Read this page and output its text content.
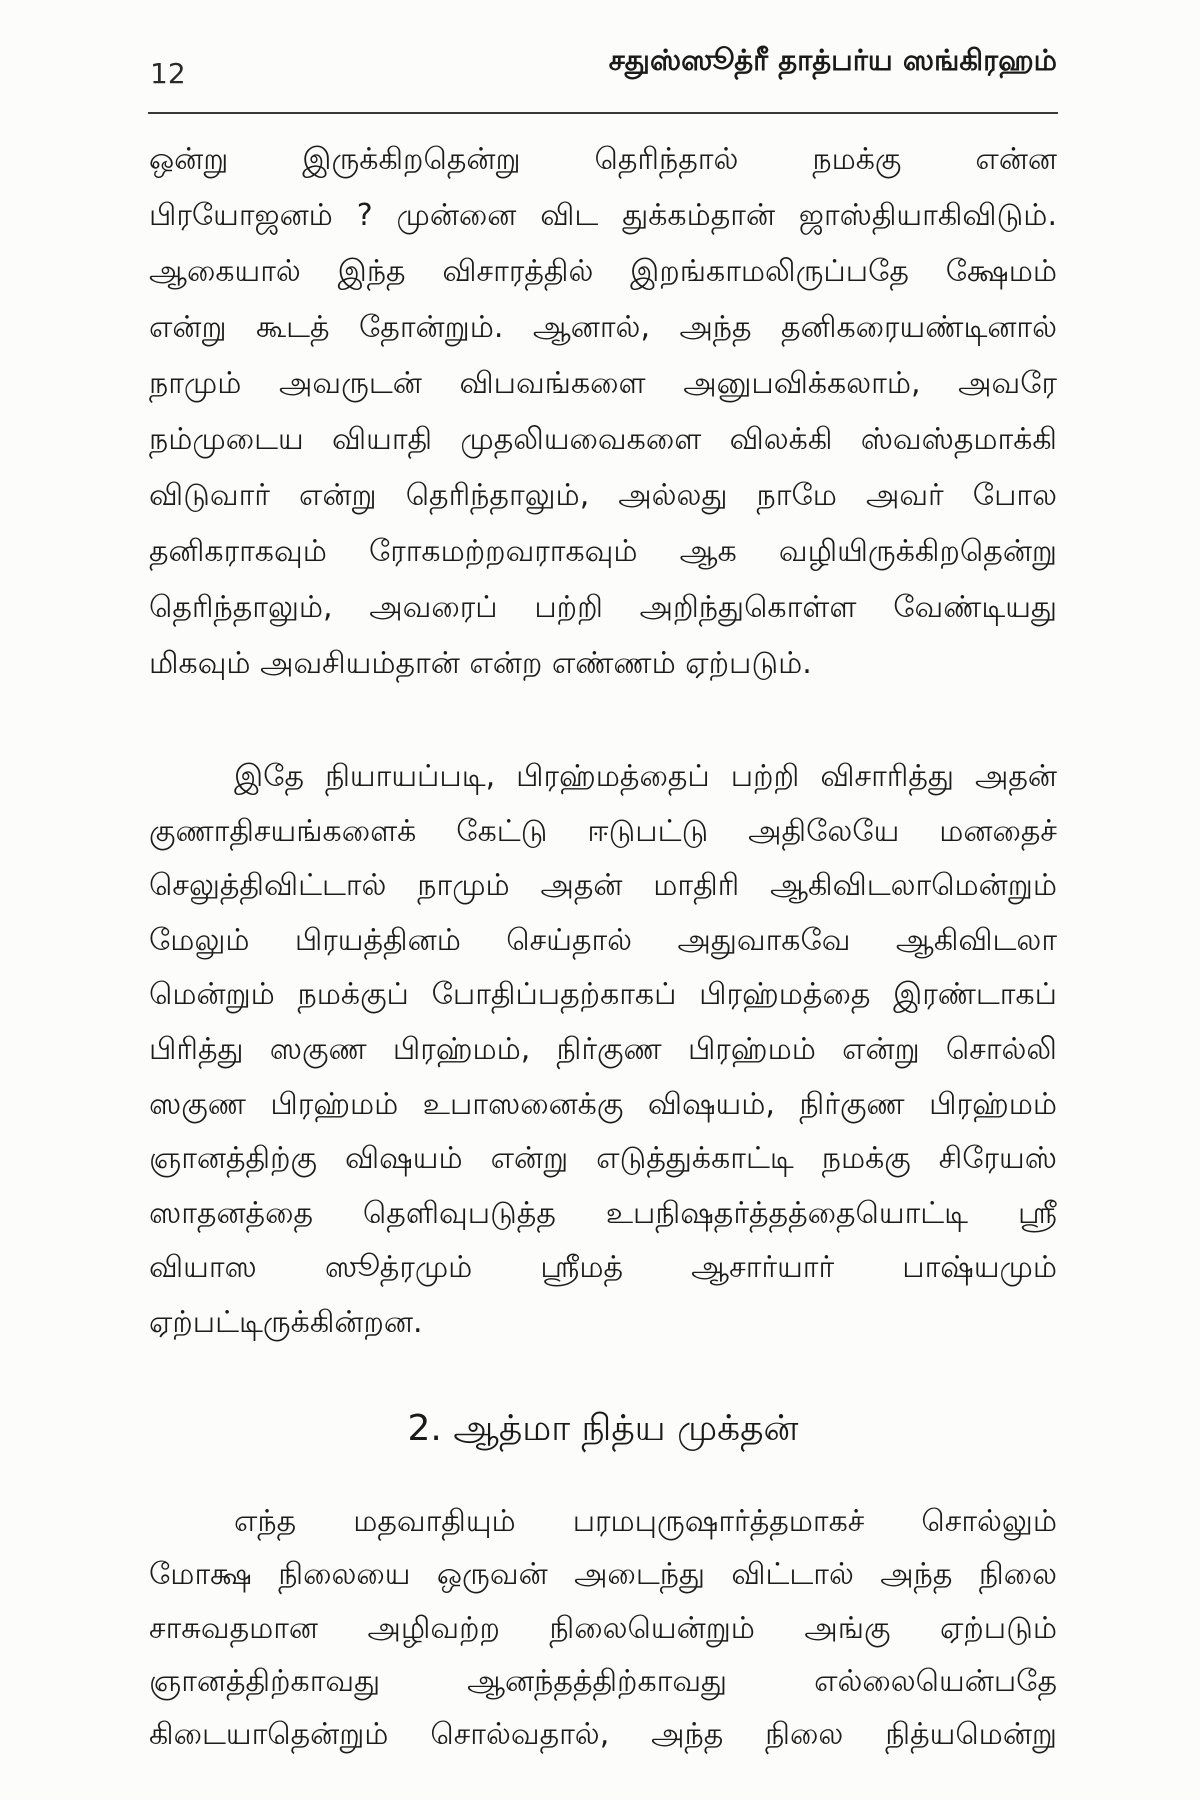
12	சதுஸ்ஸூத்ரீ தாத்பர்ய ஸங்கிரஹம்
ஒன்று இருக்கிறதென்று தெரிந்தால் நமக்கு என்ன
பிரயோஜனம் ? முன்னை விட துக்கம்தான் ஜாஸ்தியாகிவிடும்.
ஆகையால் இந்த விசாரத்தில் இறங்காமலிருப்பதே க்ஷேமம்
என்று கூடத் தோன்றும். ஆனால், அந்த தனிகரையண்டினால்
நாமும் அவருடன் விபவங்களை அனுபவிக்கலாம், அவரே
நம்முடைய வியாதி முதலியவைகளை விலக்கி ஸ்வஸ்தமாக்கி
விடுவார் என்று தெரிந்தாலும், அல்லது நாமே அவர் போல
தனிகராகவும் ரோகமற்றவராகவும் ஆக வழியிருக்கிறதென்று
தெரிந்தாலும், அவரைப் பற்றி அறிந்துகொள்ள வேண்டியது
மிகவும் அவசியம்தான் என்ற எண்ணம் ஏற்படும்.
இதே நியாயப்படி, பிரஹ்மத்தைப் பற்றி விசாரித்து அதன்
குணாதிசயங்களைக் கேட்டு ஈடுபட்டு அதிலேயே மனதைச்
செலுத்திவிட்டால் நாமும் அதன் மாதிரி ஆகிவிடலாமென்றும்
மேலும் பிரயத்தினம் செய்தால் அதுவாகவே ஆகிவிடலா
மென்றும் நமக்குப் போதிப்பதற்காகப் பிரஹ்மத்தை இரண்டாகப்
பிரித்து ஸகுண பிரஹ்மம், நிர்குண பிரஹ்மம் என்று சொல்லி
ஸகுண பிரஹ்மம் உபாஸனைக்கு விஷயம், நிர்குண பிரஹ்மம்
ஞானத்திற்கு விஷயம் என்று எடுத்துக்காட்டி நமக்கு சிரேயஸ்
ஸாதனத்தை தெளிவுபடுத்த உபநிஷதர்த்தத்தையொட்டி ஸ்ரீ
வியாஸ ஸூத்ரமும் ஸ்ரீமத் ஆசார்யார் பாஷ்யமும்
ஏற்பட்டிருக்கின்றன.
2. ஆத்மா நித்ய முக்தன்
எந்த மதவாதியும் பரமபுருஷார்த்தமாகச் சொல்லும்
மோக்ஷ நிலையை ஒருவன் அடைந்து விட்டால் அந்த நிலை
சாசுவதமான அழிவற்ற நிலையென்றும் அங்கு ஏற்படும்
ஞானத்திற்காவது ஆனந்தத்திற்காவது எல்லையென்பதே
கிடையாதென்றும் சொல்வதால், அந்த நிலை நித்யமென்று
